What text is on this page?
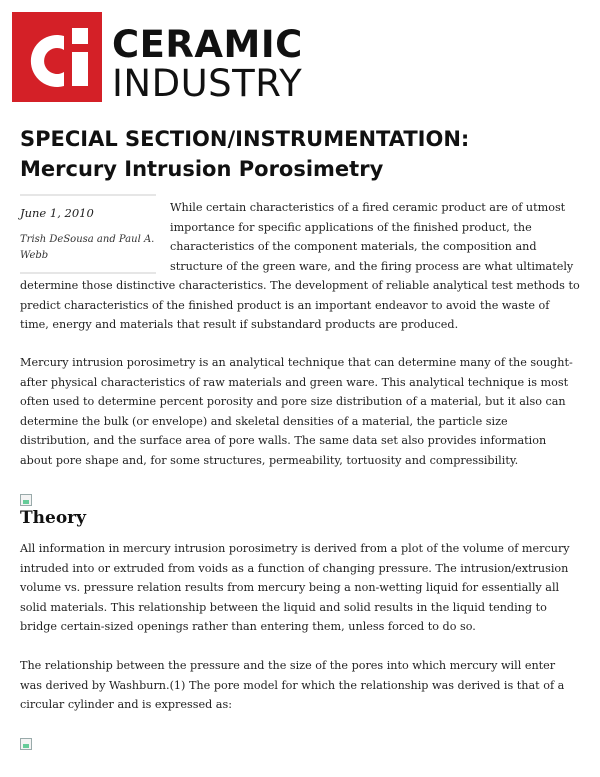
CERAMIC
INDUSTRY
SPECIAL SECTION/INSTRUMENTATION: Mercury Intrusion Porosimetry
June 1, 2010
Trish DeSousa and Paul A. Webb

While certain characteristics of a fired ceramic product are of utmost importance for specific applications of the finished product, the characteristics of the component materials, the composition and structure of the green ware, and the firing process are what ultimately determine those distinctive characteristics. The development of reliable analytical test methods to predict characteristics of the finished product is an important endeavor to avoid the waste of time, energy and materials that result if substandard products are produced.

Mercury intrusion porosimetry is an analytical technique that can determine many of the sought-after physical characteristics of raw materials and green ware. This analytical technique is most often used to determine percent porosity and pore size distribution of a material, but it also can determine the bulk (or envelope) and skeletal densities of a material, the particle size distribution, and the surface area of pore walls. The same data set also provides information about pore shape and, for some structures, permeability, tortuosity and compressibility.

Theory

All information in mercury intrusion porosimetry is derived from a plot of the volume of mercury intruded into or extruded from voids as a function of changing pressure. The intrusion/extrusion volume vs. pressure relation results from mercury being a non-wetting liquid for essentially all solid materials. This relationship between the liquid and solid results in the liquid tending to bridge certain-sized openings rather than entering them, unless forced to do so.

The relationship between the pressure and the size of the pores into which mercury will enter was derived by Washburn.(1) The pore model for which the relationship was derived is that of a circular cylinder and is expressed as:
